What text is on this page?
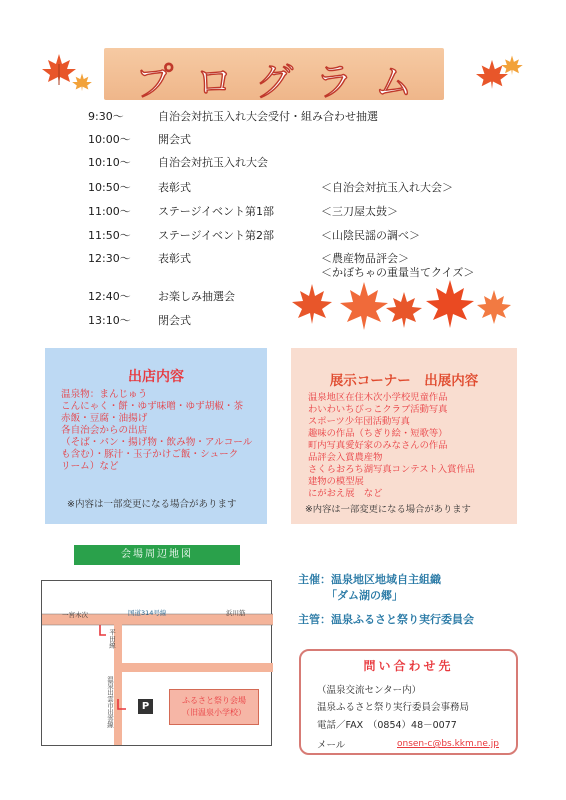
プログラム
9:30〜	自治会対抗玉入れ大会受付・組み合わせ抽選
10:00〜	開会式
10:10〜	自治会対抗玉入れ大会
10:50〜	表彰式	＜自治会対抗玉入れ大会＞
11:00〜	ステージイベント第1部	＜三刀屋太鼓＞
11:50〜	ステージイベント第2部	＜山陰民謡の調べ＞
12:30〜	表彰式	＜農産物品評会＞
＜かぼちゃの重量当てクイズ＞
12:40〜	お楽しみ抽選会
13:10〜	閉会式
出店内容
温泉物：まんじゅう
こんにゃく・餅・ゆず味噌・ゆず胡椒・茶
赤飯・豆腐・油揚げ
各自治会からの出店
（そば・パン・揚げ物・飲み物・アルコール
も含む）・豚汁・玉子かけご飯・シューク
リーム）など
※内容は一部変更になる場合があります
展示コーナー　出展内容
温泉地区在住木次小学校児童作品
わいわいちびっこクラブ活動写真
スポーツ少年団活動写真
趣味の作品（ちぎり絵・短歌等）
町内写真愛好家のみなさんの作品
品評会入賞農産物
さくらおろち湖写真コンテスト入賞作品
建物の模型展
にがおえ展　など
※内容は一部変更になる場合があります
会場周辺地図
一宮木次	国道314号線	浜川筋
平田線
温泉出雲市出雲線	P
ふるさと祭り会場
（旧温泉小学校）
主催：温泉地区地域自主組織
「ダム湖の郷」
主管：温泉ふるさと祭り実行委員会
問い合わせ先
（温泉交流センター内）
温泉ふるさと祭り実行委員会事務局
電話／FAX　（0854）48－0077
メール	onsen-c@bs.kkm.ne.jp
